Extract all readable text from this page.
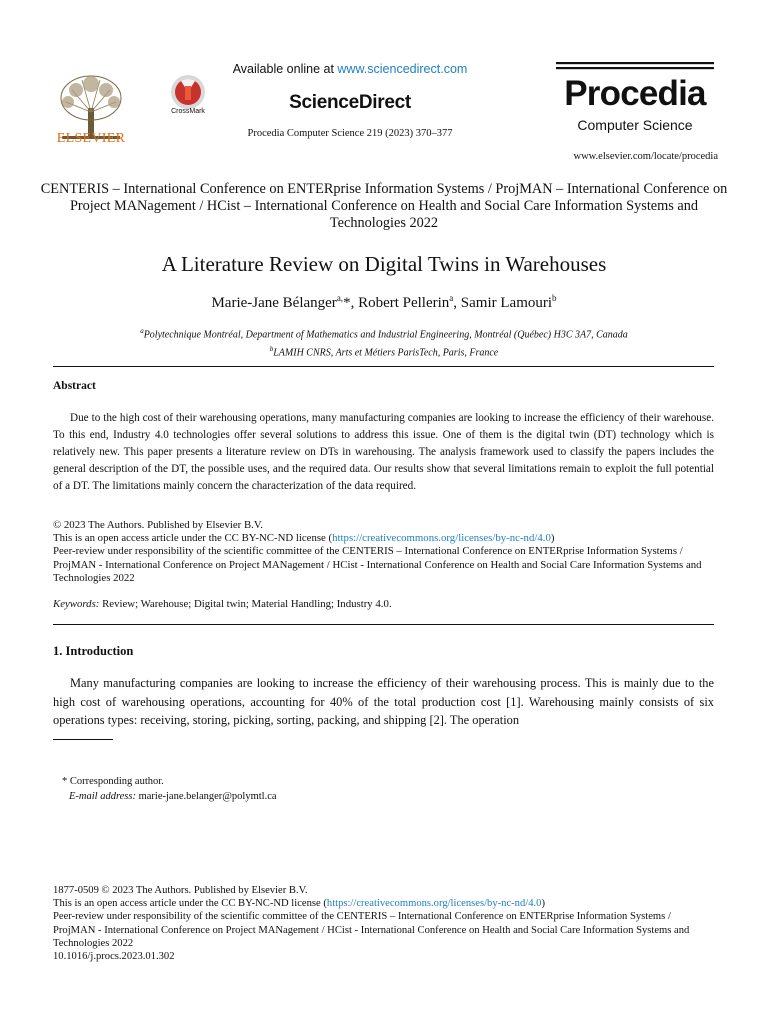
ELSEVIER
CrossMark
Available online at www.sciencedirect.com
ScienceDirect
Procedia Computer Science 219 (2023) 370–377
Procedia
Computer Science
www.elsevier.com/locate/procedia
CENTERIS – International Conference on ENTERprise Information Systems / ProjMAN – International Conference on Project MANagement / HCist – International Conference on Health and Social Care Information Systems and Technologies 2022
A Literature Review on Digital Twins in Warehouses
Marie-Jane Bélanger$^{a,}$*, Robert Pellerin$^a$, Samir Lamouri$^b$
$^a$Polytechnique Montréal, Department of Mathematics and Industrial Engineering, Montréal (Québec) H3C 3A7, Canada
$^b$LAMIH CNRS, Arts et Métiers ParisTech, Paris, France
Abstract
Due to the high cost of their warehousing operations, many manufacturing companies are looking to increase the efficiency of their warehouse. To this end, Industry 4.0 technologies offer several solutions to address this issue. One of them is the digital twin (DT) technology which is relatively new. This paper presents a literature review on DTs in warehousing. The analysis framework used to classify the papers includes the general description of the DT, the possible uses, and the required data. Our results show that several limitations remain to exploit the full potential of a DT. The limitations mainly concern the characterization of the data required.
© 2023 The Authors. Published by Elsevier B.V.
This is an open access article under the CC BY-NC-ND license (https://creativecommons.org/licenses/by-nc-nd/4.0)
Peer-review under responsibility of the scientific committee of the CENTERIS – International Conference on ENTERprise Information Systems / ProjMAN - International Conference on Project MANagement / HCist - International Conference on Health and Social Care Information Systems and Technologies 2022
Keywords: Review; Warehouse; Digital twin; Material Handling; Industry 4.0.
1. Introduction
Many manufacturing companies are looking to increase the efficiency of their warehousing process. This is mainly due to the high cost of warehousing operations, accounting for 40% of the total production cost [1]. Warehousing mainly consists of six operations types: receiving, storing, picking, sorting, packing, and shipping [2]. The operation
* Corresponding author.
E-mail address: marie-jane.belanger@polymtl.ca
1877-0509 © 2023 The Authors. Published by Elsevier B.V.
This is an open access article under the CC BY-NC-ND license (https://creativecommons.org/licenses/by-nc-nd/4.0)
Peer-review under responsibility of the scientific committee of the CENTERIS – International Conference on ENTERprise Information Systems / ProjMAN - International Conference on Project MANagement / HCist - International Conference on Health and Social Care Information Systems and Technologies 2022
10.1016/j.procs.2023.01.302
